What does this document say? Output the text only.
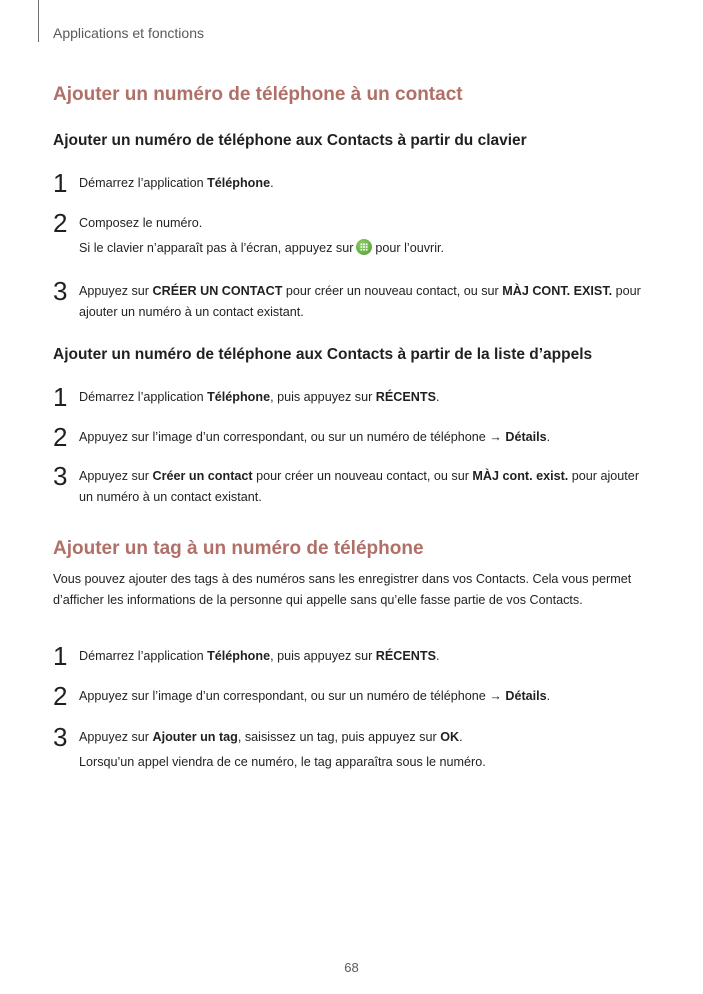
Applications et fonctions
Ajouter un numéro de téléphone à un contact
Ajouter un numéro de téléphone aux Contacts à partir du clavier
1 Démarrez l’application Téléphone.
2 Composez le numéro.
Si le clavier n’apparaît pas à l’écran, appuyez sur pour l’ouvrir.
3 Appuyez sur CRÉER UN CONTACT pour créer un nouveau contact, ou sur MÀJ CONT. EXIST. pour ajouter un numéro à un contact existant.
Ajouter un numéro de téléphone aux Contacts à partir de la liste d’appels
1 Démarrez l’application Téléphone, puis appuyez sur RÉCENTS.
2 Appuyez sur l’image d’un correspondant, ou sur un numéro de téléphone → Détails.
3 Appuyez sur Créer un contact pour créer un nouveau contact, ou sur MÀJ cont. exist. pour ajouter un numéro à un contact existant.
Ajouter un tag à un numéro de téléphone
Vous pouvez ajouter des tags à des numéros sans les enregistrer dans vos Contacts. Cela vous permet d’afficher les informations de la personne qui appelle sans qu’elle fasse partie de vos Contacts.
1 Démarrez l’application Téléphone, puis appuyez sur RÉCENTS.
2 Appuyez sur l’image d’un correspondant, ou sur un numéro de téléphone → Détails.
3 Appuyez sur Ajouter un tag, saisissez un tag, puis appuyez sur OK.
Lorsqu’un appel viendra de ce numéro, le tag apparaîtra sous le numéro.
68
